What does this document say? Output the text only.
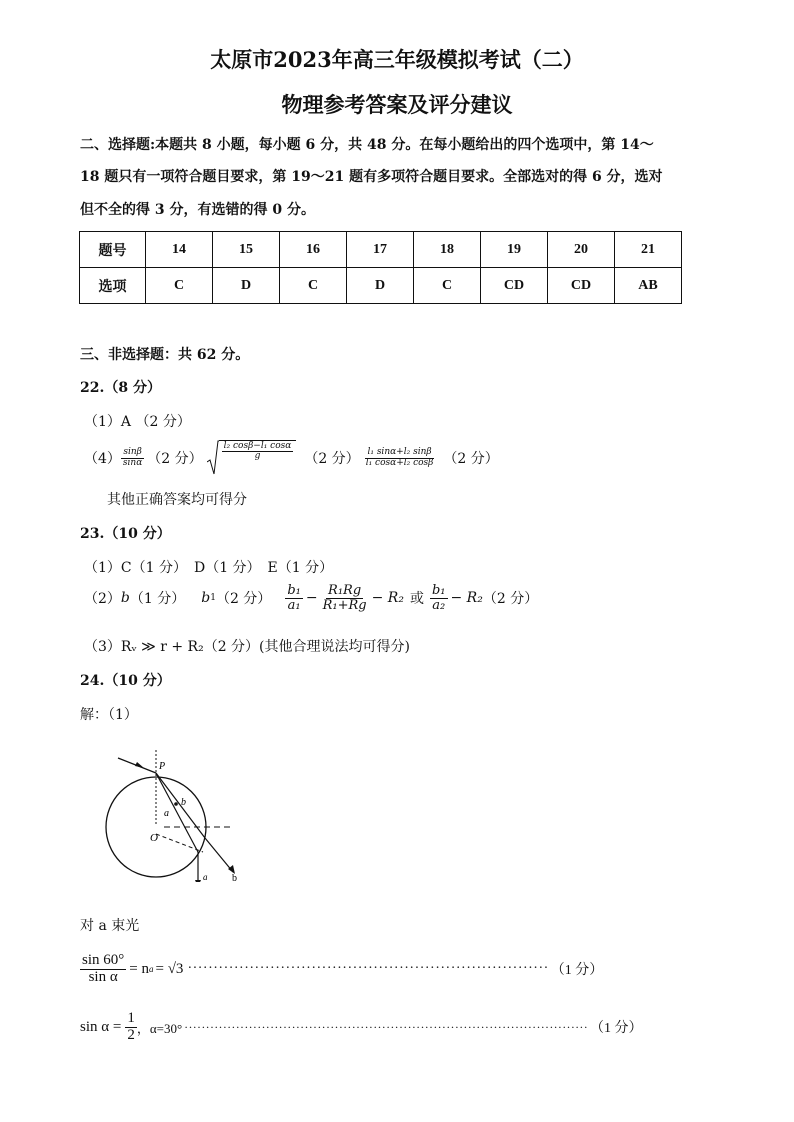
太原市2023年高三年级模拟考试（二）
物理参考答案及评分建议
二、选择题:本题共 8 小题，每小题 6 分，共 48 分。在每小题给出的四个选项中，第 14～
18 题只有一项符合题目要求，第 19～21 题有多项符合题目要求。全部选对的得 6 分，选对
但不全的得 3 分，有选错的得 0 分。
题号	14	15	16	17	18	19	20	21
选项	C	D	C	D	C	CD	CD	AB
三、非选择题：共 62 分。
22.（8 分）
（1）A （2 分）
$(4) \frac{\sin\beta}{\sin\alpha} (2$ 分） $\frac{\text{l₂ cosβ−l₁ cosα}}{g} (2$ 分） $\frac{\text{l₁ sinα+l₂ sinβ}}{\text{l₁ cosα+l₂ cosβ}} (2$ 分）
其他正确答案均可得分
23.（10 分）
（1）C（1 分）　D（1 分）　E（1 分）
（2） b （1 分） b 1 （2 分） $\frac{\text{b₁}}{\text{a₁}} - \frac{\text{R₁Rg}}{\text{R₁+Rg}} - R_2$ 或 $\frac{\text{b₁}}{\text{a₂}} - R_2$ （2 分）
（3）Rᵥ ≫ r + R₂（2 分）(其他合理说法均可得分)
24.（10 分）
解：（1）
P
O
a
b
b
a
对 a 束光
$\frac{\sin 60^\circ}{\text{sin α}} = n$ a = √3 ······································································ （1 分）
$\sin \alpha = \frac{1}{2}$ ，α=30° ······························································································ （1 分）
